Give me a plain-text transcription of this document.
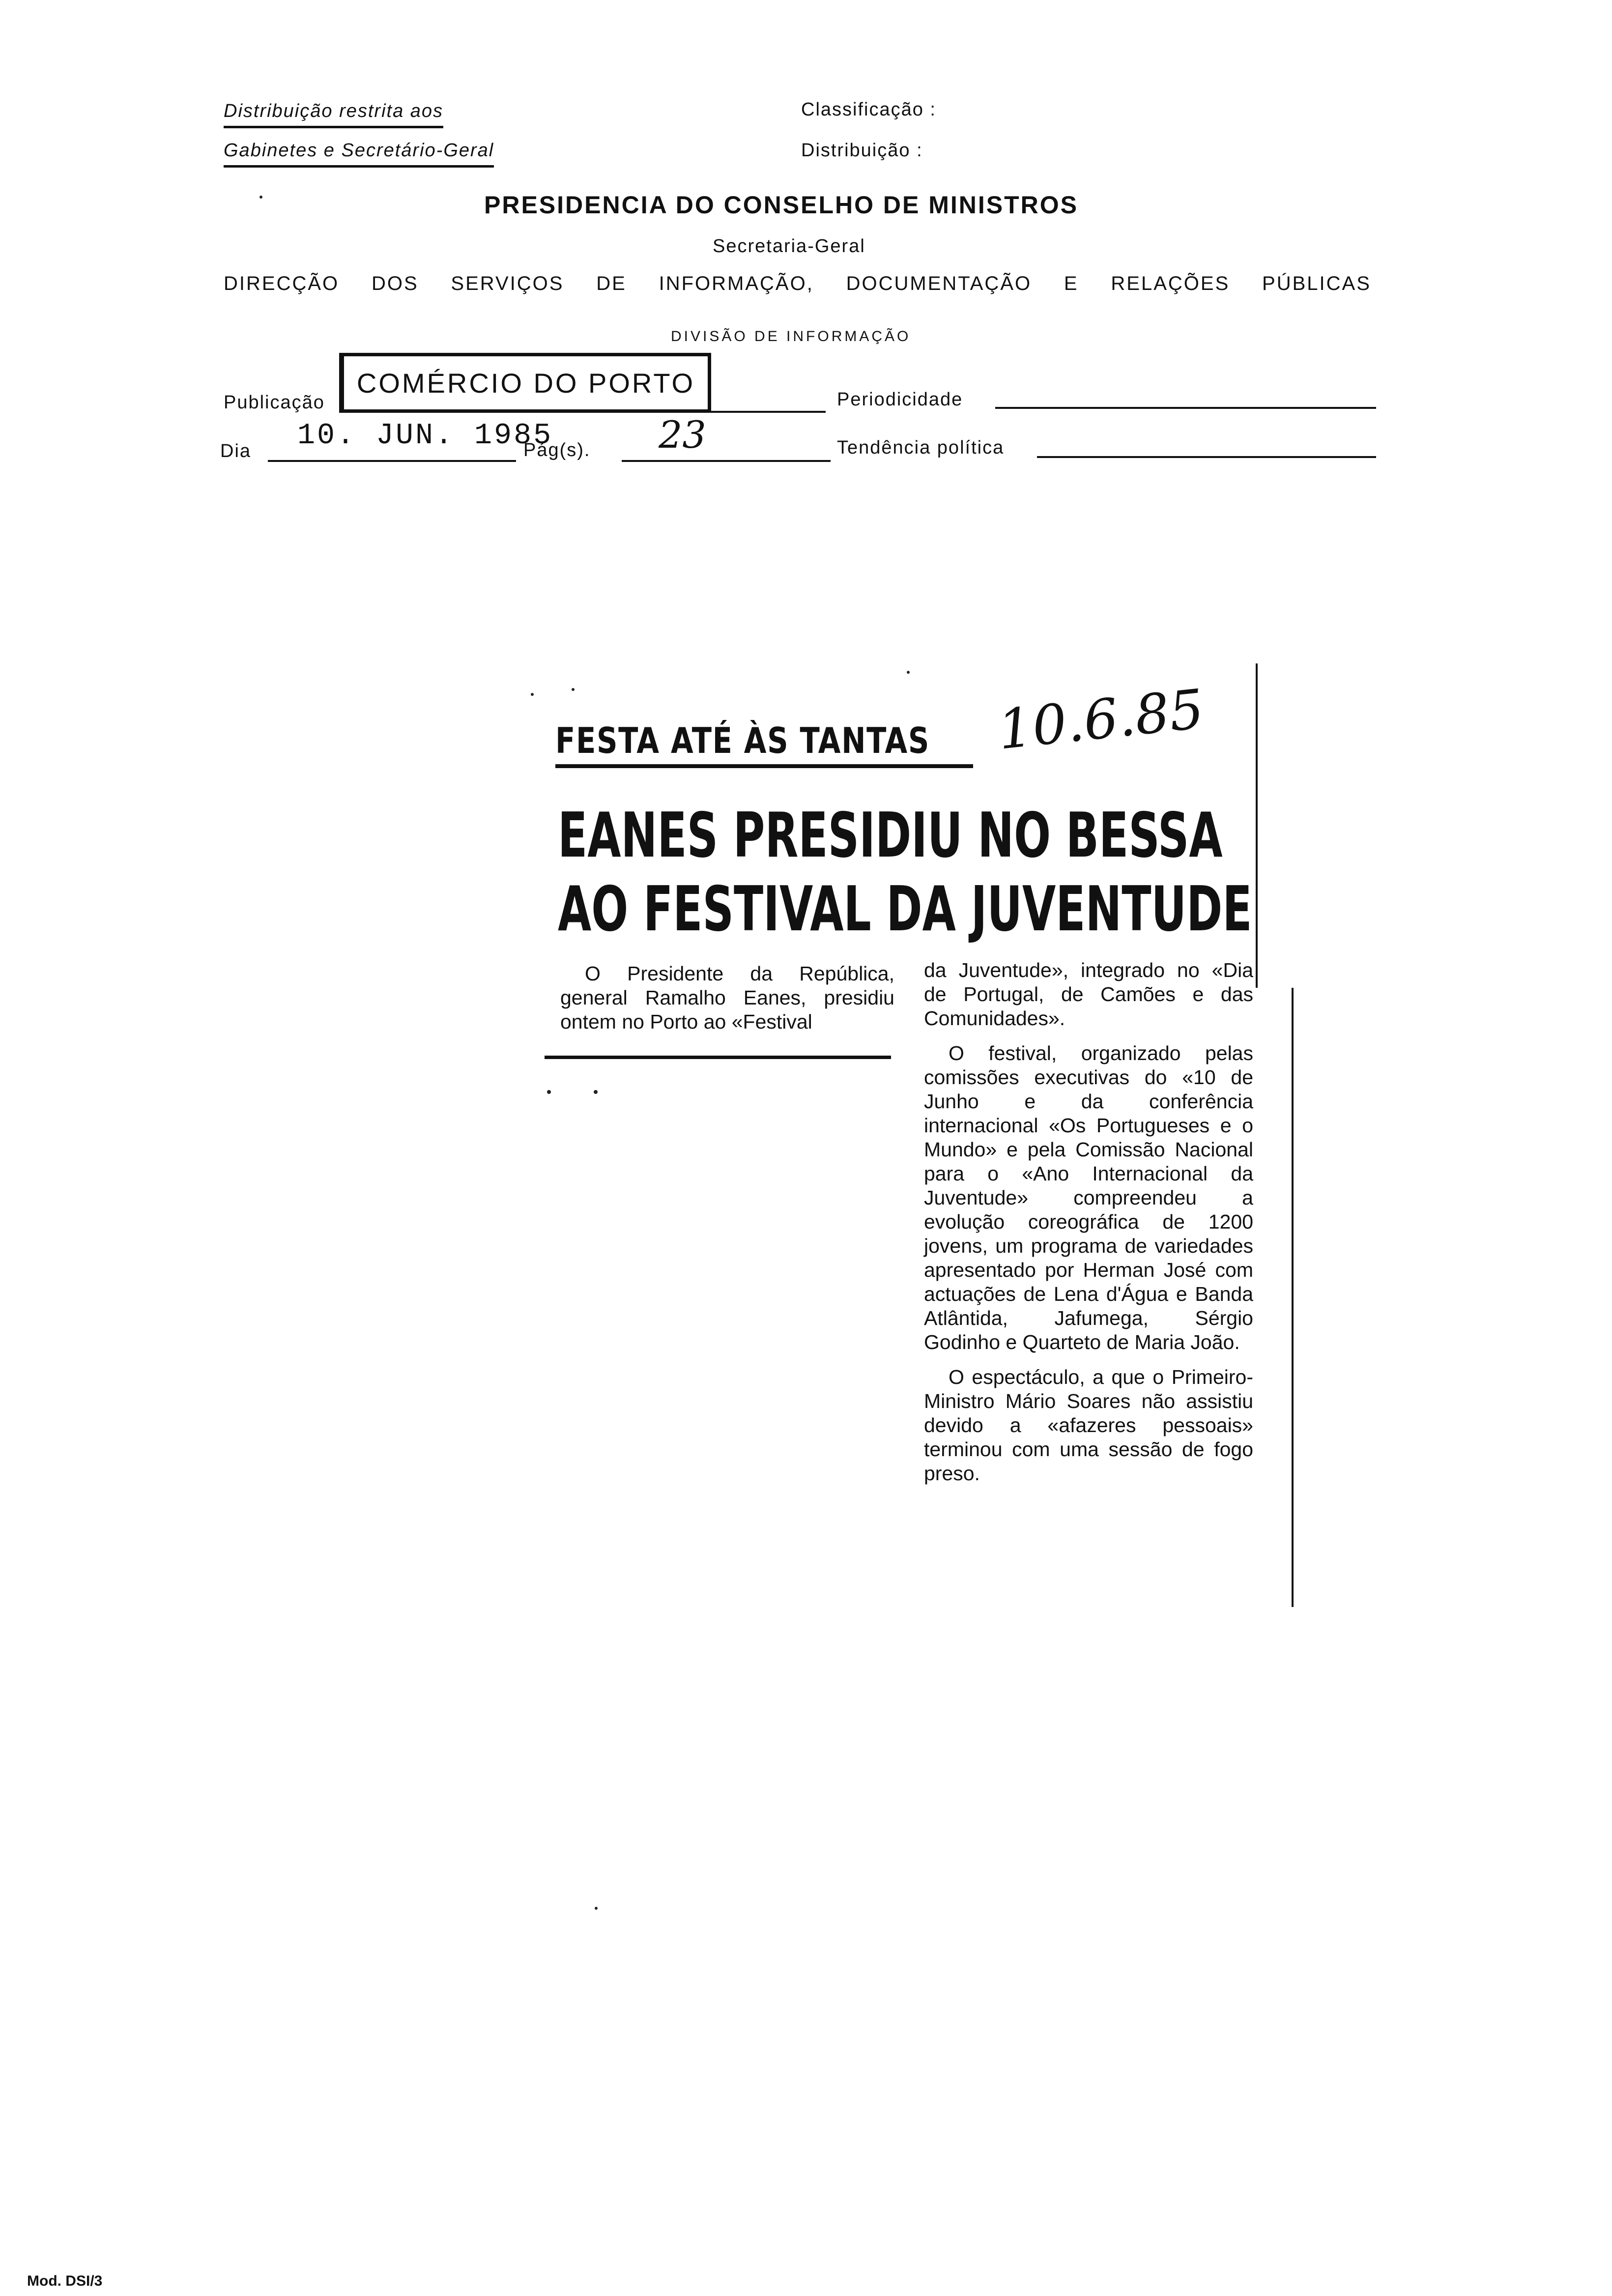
Distribuição restrita aos
Gabinetes e Secretário-Geral
Classificação :
Distribuição :
PRESIDENCIA DO CONSELHO DE MINISTROS
Secretaria-Geral
DIRECÇÃO DOS SERVIÇOS DE INFORMAÇÃO, DOCUMENTAÇÃO E RELAÇÕES PÚBLICAS
DIVISÃO DE INFORMAÇÃO
Publicação
COMÉRCIO DO PORTO
Periodicidade
Dia 10. JUN. 1985
Pág(s). 23	Tendência política
FESTA ATÉ ÀS TANTAS 10.6.85
EANES PRESIDIU NO BESSA
AO FESTIVAL DA JUVENTUDE

O Presidente da República, general Ramalho Eanes, presidiu ontem no Porto ao «Festival

da Juventude», integrado no «Dia de Portugal, de Camões e das Comunidades».

O festival, organizado pelas comissões executivas do «10 de Junho e da conferência internacional «Os Portugueses e o Mundo» e pela Comissão Nacional para o «Ano Internacional da Juventude» compreendeu a evolução coreográfica de 1200 jovens, um programa de variedades apresentado por Herman José com actuações de Lena d'Água e Banda Atlântida, Jafumega, Sérgio Godinho e Quarteto de Maria João.

O espectáculo, a que o Primeiro-Ministro Mário Soares não assistiu devido a «afazeres pessoais» terminou com uma sessão de fogo preso.

Mod. DSI/3
